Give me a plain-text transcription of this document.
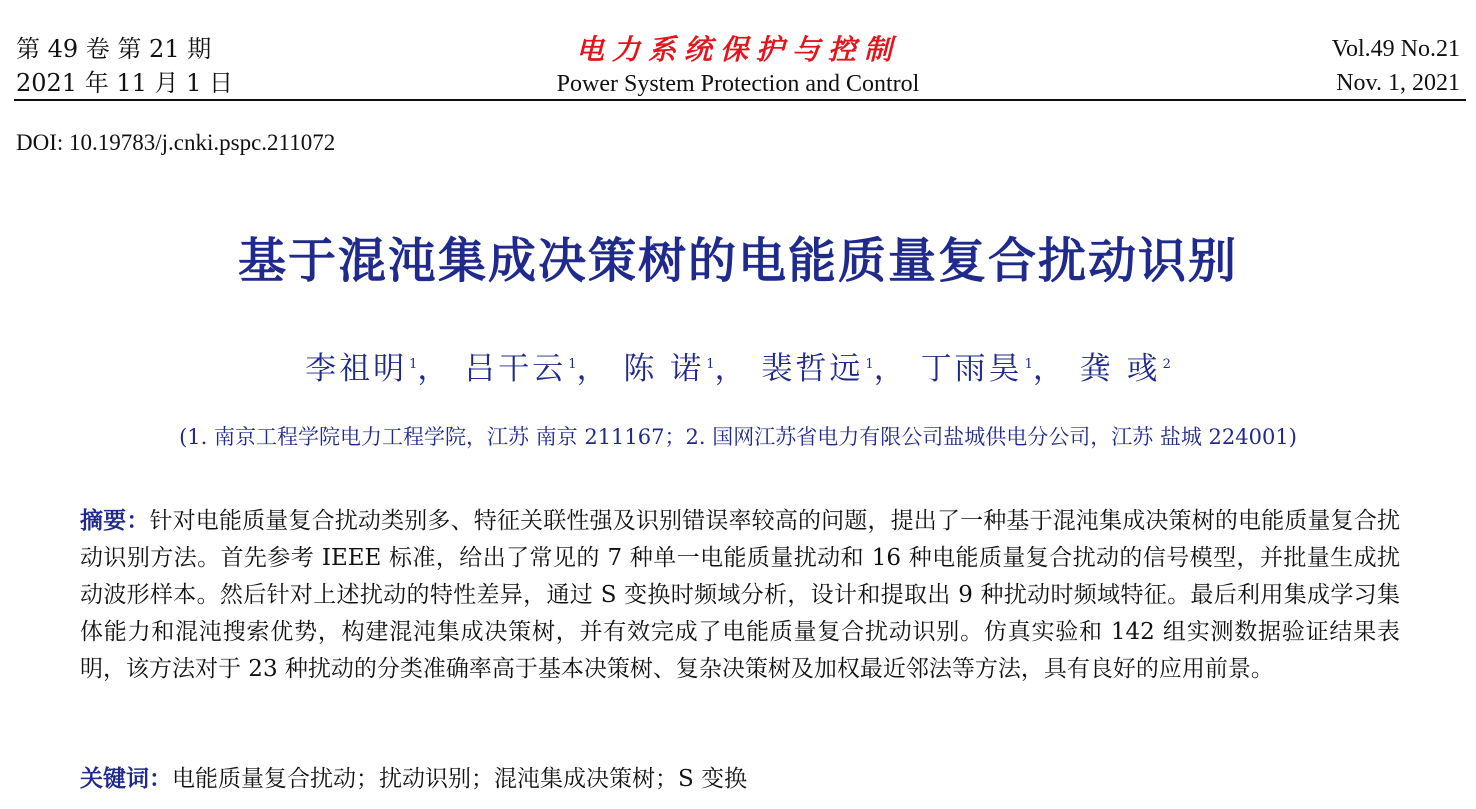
第 49 卷 第 21 期
2021 年 11 月 1 日
电力系统保护与控制
Power System Protection and Control
Vol.49 No.21
Nov. 1, 2021
DOI: 10.19783/j.cnki.pspc.211072
基于混沌集成决策树的电能质量复合扰动识别
李祖明 $^1$， 吕干云 $^1$， 陈 诺 $^1$， 裴哲远 $^1$， 丁雨昊 $^1$， 龚 彧 $^2$
(1. 南京工程学院电力工程学院，江苏 南京 211167；2. 国网江苏省电力有限公司盐城供电分公司，江苏 盐城 224001)
摘要：针对电能质量复合扰动类别多、特征关联性强及识别错误率较高的问题，提出了一种基于混沌集成决策树的电能质量复合扰动识别方法。首先参考 IEEE 标准，给出了常见的 7 种单一电能质量扰动和 16 种电能质量复合扰动的信号模型，并批量生成扰动波形样本。然后针对上述扰动的特性差异，通过 S 变换时频域分析，设计和提取出 9 种扰动时频域特征。最后利用集成学习集体能力和混沌搜索优势，构建混沌集成决策树，并有效完成了电能质量复合扰动识别。仿真实验和 142 组实测数据验证结果表明，该方法对于 23 种扰动的分类准确率高于基本决策树、复杂决策树及加权最近邻法等方法，具有良好的应用前景。
关键词：电能质量复合扰动；扰动识别；混沌集成决策树；S 变换
